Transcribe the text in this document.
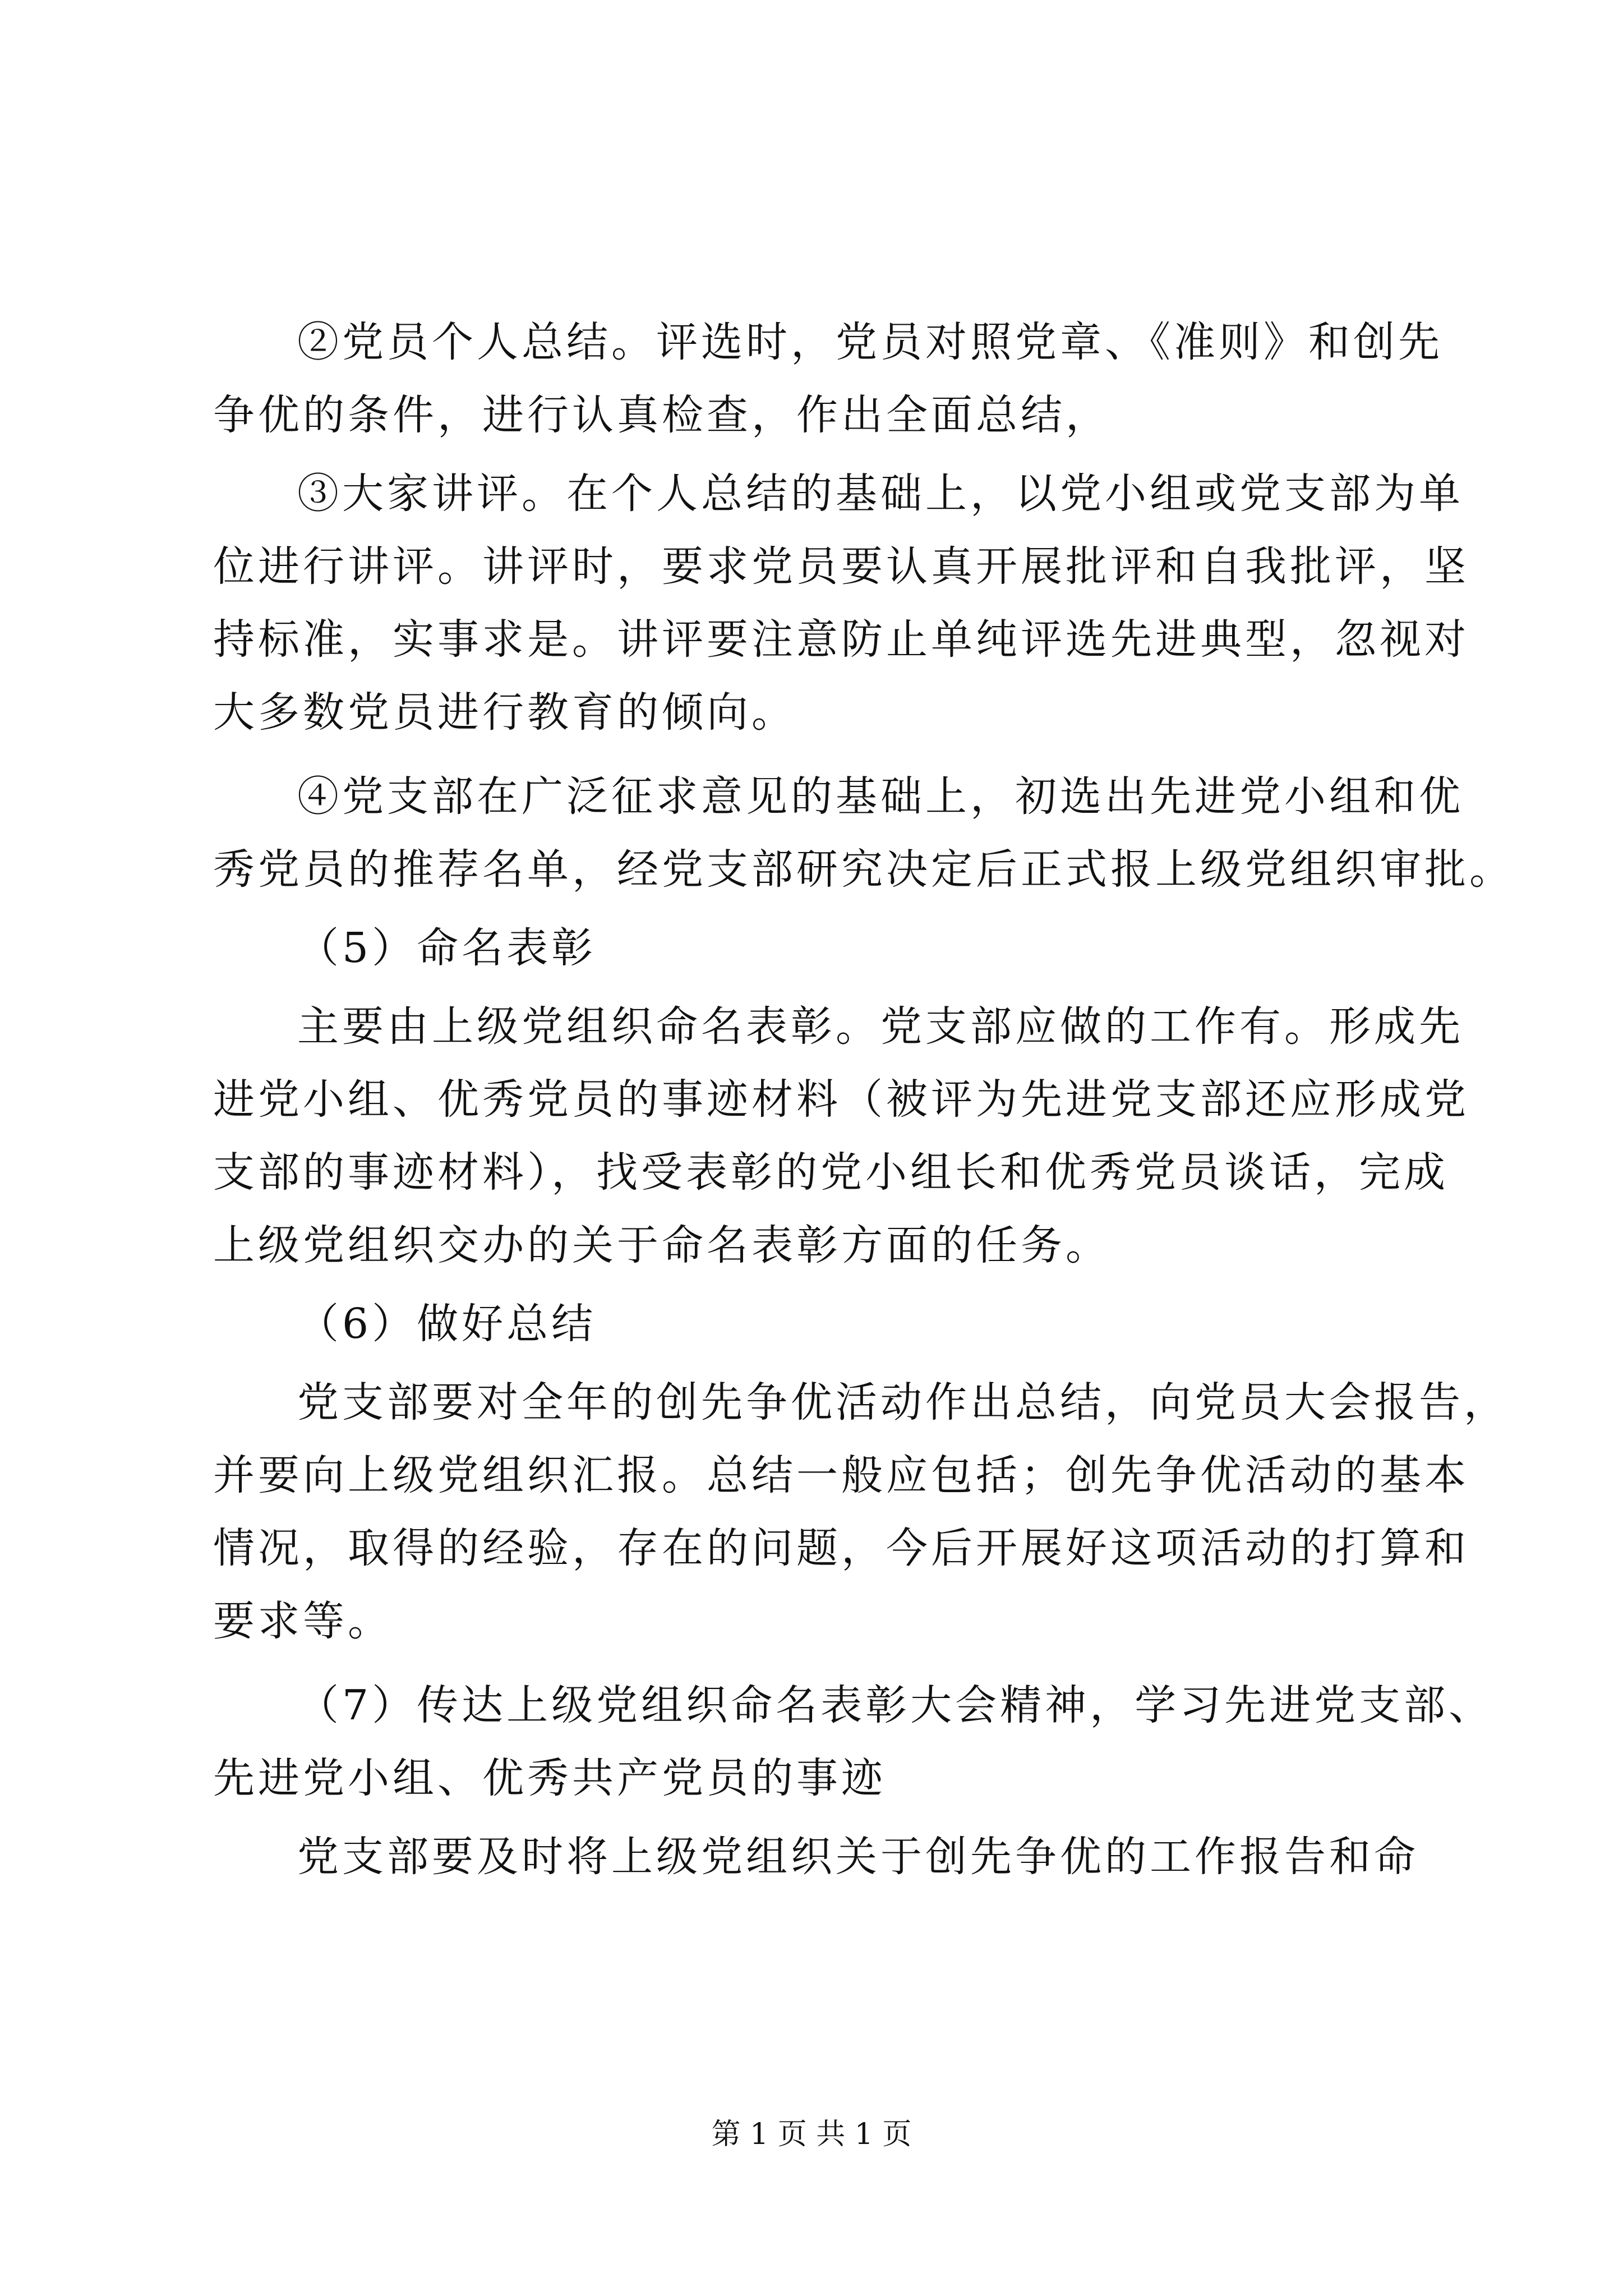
②党员个人总结。评选时，党员对照党章、《准则》和创先

争优的条件，进行认真检查，作出全面总结，

③大家讲评。在个人总结的基础上，以党小组或党支部为单

位进行讲评。讲评时，要求党员要认真开展批评和自我批评，坚

持标准，实事求是。讲评要注意防止单纯评选先进典型，忽视对

大多数党员进行教育的倾向。

④党支部在广泛征求意见的基础上，初选出先进党小组和优

秀党员的推荐名单，经党支部研究决定后正式报上级党组织审批。

（5）命名表彰

主要由上级党组织命名表彰。党支部应做的工作有。形成先

进党小组、优秀党员的事迹材料（被评为先进党支部还应形成党

支部的事迹材料），找受表彰的党小组长和优秀党员谈话，完成

上级党组织交办的关于命名表彰方面的任务。

（6）做好总结

党支部要对全年的创先争优活动作出总结，向党员大会报告，

并要向上级党组织汇报。总结一般应包括；创先争优活动的基本

情况，取得的经验，存在的问题，今后开展好这项活动的打算和

要求等。

（7）传达上级党组织命名表彰大会精神，学习先进党支部、

先进党小组、优秀共产党员的事迹

党支部要及时将上级党组织关于创先争优的工作报告和命

第 1 页 共 1 页
